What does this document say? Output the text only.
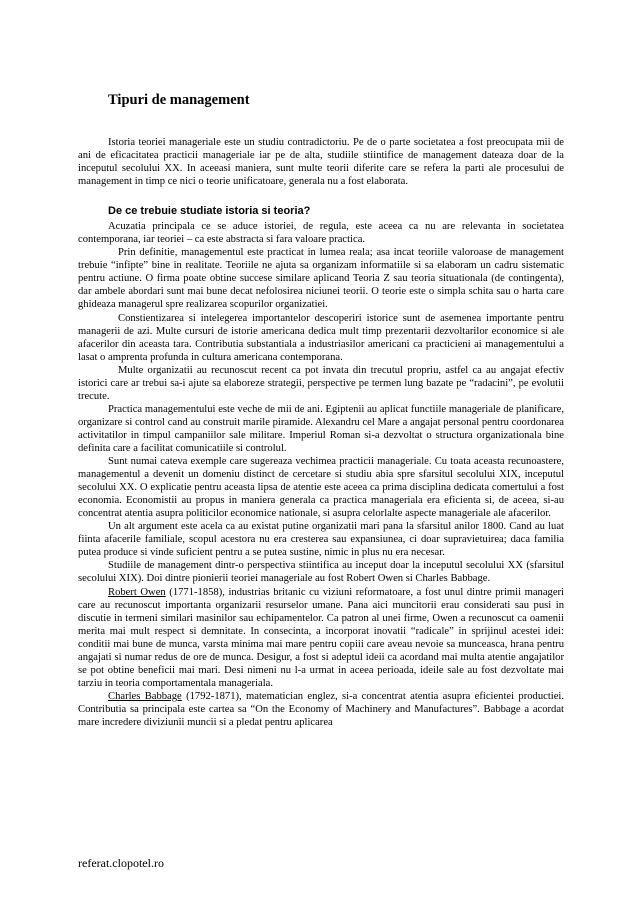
Tipuri de management

Istoria teoriei manageriale este un studiu contradictoriu. Pe de o parte societatea a fost preocupata mii de ani de eficacitatea practicii manageriale iar pe de alta, studiile stiintifice de management dateaza doar de la inceputul secolului XX. In aceeasi maniera, sunt multe teorii diferite care se refera la parti ale procesului de management in timp ce nici o teorie unificatoare, generala nu a fost elaborata.

De ce trebuie studiate istoria si teoria?

Acuzatia principala ce se aduce istoriei, de regula, este aceea ca nu are relevanta in societatea contemporana, iar teoriei – ca este abstracta si fara valoare practica.

Prin definitie, managementul este practicat in lumea reala; asa incat teoriile valoroase de management trebuie “infipte” bine in realitate. Teoriile ne ajuta sa organizam informatiile si sa elaboram un cadru sistematic pentru actiune. O firma poate obtine succese similare aplicand Teoria Z sau teoria situationala (de contingenta), dar ambele abordari sunt mai bune decat nefolosirea niciunei teorii. O teorie este o simpla schita sau o harta care ghideaza managerul spre realizarea scopurilor organizatiei.

Constientizarea si intelegerea importantelor descoperiri istorice sunt de asemenea importante pentru managerii de azi. Multe cursuri de istorie americana dedica mult timp prezentarii dezvoltarilor economice si ale afacerilor din aceasta tara. Contributia substantiala a industriasilor americani ca practicieni ai managementului a lasat o amprenta profunda in cultura americana contemporana.

Multe organizatii au recunoscut recent ca pot invata din trecutul propriu, astfel ca au angajat efectiv istorici care ar trebui sa-i ajute sa elaboreze strategii, perspective pe termen lung bazate pe “radacini”, pe evolutii trecute.

Practica managementului este veche de mii de ani. Egiptenii au aplicat functiile manageriale de planificare, organizare si control cand au construit marile piramide. Alexandru cel Mare a angajat personal pentru coordonarea activitatilor in timpul campaniilor sale militare. Imperiul Roman si-a dezvoltat o structura organizationala bine definita care a facilitat comunicatiile si controlul.

Sunt numai cateva exemple care sugereaza vechimea practicii manageriale. Cu toata aceasta recunoastere, managementul a devenit un domeniu distinct de cercetare si studiu abia spre sfarsitul secolului XIX, inceputul secolului XX. O explicatie pentru aceasta lipsa de atentie este aceea ca prima disciplina dedicata comertului a fost economia. Economistii au propus in maniera generala ca practica manageriala era eficienta si, de aceea, si-au concentrat atentia asupra politicilor economice nationale, si asupra celorlalte aspecte manageriale ale afacerilor.

Un alt argument este acela ca au existat putine organizatii mari pana la sfarsitul anilor 1800. Cand au luat fiinta afacerile familiale, scopul acestora nu era cresterea sau expansiunea, ci doar supravietuirea; daca familia putea produce si vinde suficient pentru a se putea sustine, nimic in plus nu era necesar.

Studiile de management dintr-o perspectiva stiintifica au inceput doar la inceputul secolului XX (sfarsitul secolului XIX). Doi dintre pionierii teoriei manageriale au fost Robert Owen si Charles Babbage.

Robert Owen (1771-1858), industrias britanic cu viziuni reformatoare, a fost unul dintre primii manageri care au recunoscut importanta organizarii resurselor umane. Pana aici muncitorii erau considerati sau pusi in discutie in termeni similari masinilor sau echipamentelor. Ca patron al unei firme, Owen a recunoscut ca oamenii merita mai mult respect si demnitate. In consecinta, a incorporat inovatii “radicale” in sprijinul acestei idei: conditii mai bune de munca, varsta minima mai mare pentru copiii care aveau nevoie sa munceasca, hrana pentru angajati si numar redus de ore de munca. Desigur, a fost si adeptul ideii ca acordand mai multa atentie angajatilor se pot obtine beneficii mai mari. Desi nimeni nu l-a urmat in aceea perioada, ideile sale au fost dezvoltate mai tarziu in teoria comportamentala manageriala.

Charles Babbage (1792-1871), matematician englez, si-a concentrat atentia asupra eficientei productiei. Contributia sa principala este cartea sa “On the Economy of Machinery and Manufactures”. Babbage a acordat mare incredere diviziunii muncii si a pledat pentru aplicarea

referat.clopotel.ro
